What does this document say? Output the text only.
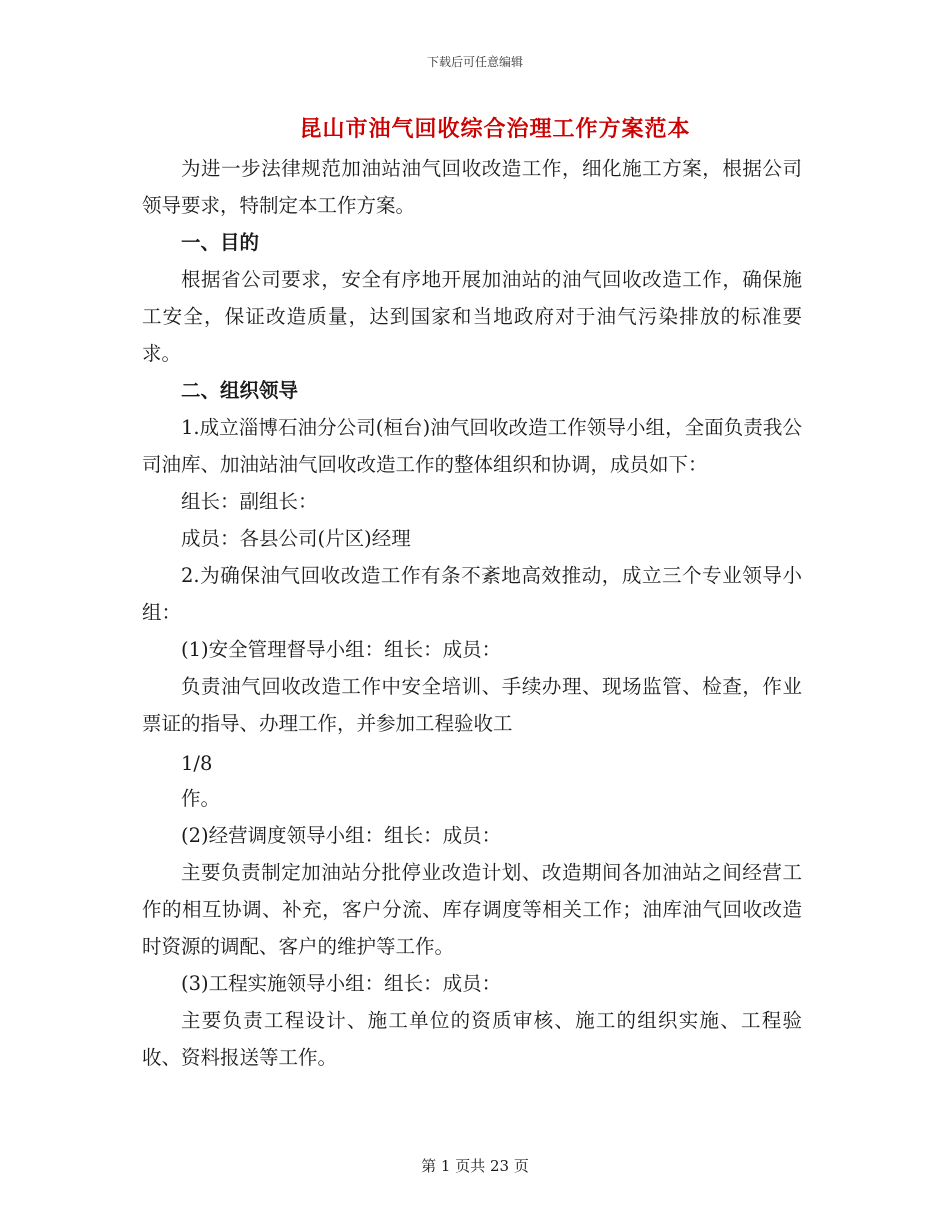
下载后可任意编辑
昆山市油气回收综合治理工作方案范本

为进一步法律规范加油站油气回收改造工作，细化施工方案，根据公司领导要求，特制定本工作方案。

一、目的

根据省公司要求，安全有序地开展加油站的油气回收改造工作，确保施工安全，保证改造质量，达到国家和当地政府对于油气污染排放的标准要求。

二、组织领导

1.成立淄博石油分公司(桓台)油气回收改造工作领导小组，全面负责我公司油库、加油站油气回收改造工作的整体组织和协调，成员如下：

组长：副组长：

成员：各县公司(片区)经理

2.为确保油气回收改造工作有条不紊地高效推动，成立三个专业领导小组：

(1)安全管理督导小组：组长：成员：

负责油气回收改造工作中安全培训、手续办理、现场监管、检查，作业票证的指导、办理工作，并参加工程验收工

1/8

作。

(2)经营调度领导小组：组长：成员：

主要负责制定加油站分批停业改造计划、改造期间各加油站之间经营工作的相互协调、补充，客户分流、库存调度等相关工作；油库油气回收改造时资源的调配、客户的维护等工作。

(3)工程实施领导小组：组长：成员：

主要负责工程设计、施工单位的资质审核、施工的组织实施、工程验收、资料报送等工作。

第 1 页共 23 页
